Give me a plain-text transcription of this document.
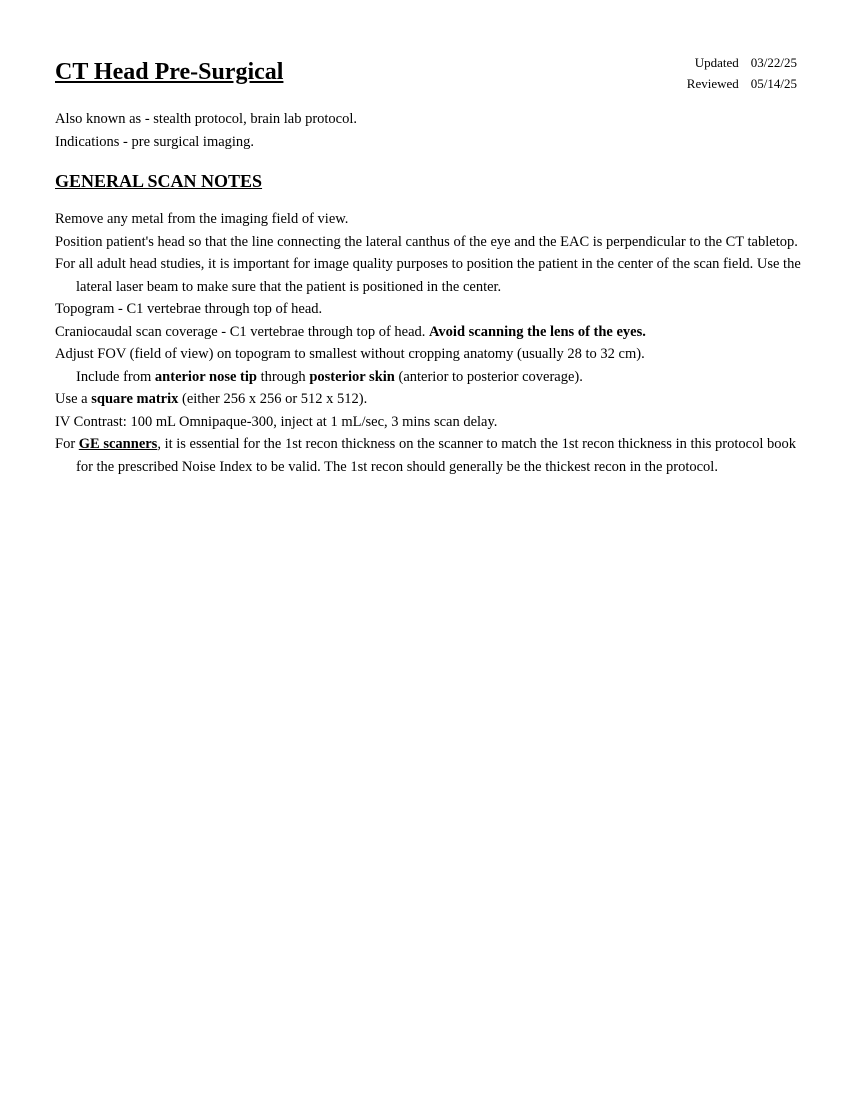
CT Head Pre-Surgical	Updated 03/22/25
Reviewed 05/14/25

Also known as - stealth protocol, brain lab protocol.

Indications - pre surgical imaging.

GENERAL SCAN NOTES

Remove any metal from the imaging field of view.

Position patient's head so that the line connecting the lateral canthus of the eye and the EAC is perpendicular to the CT tabletop.

For all adult head studies, it is important for image quality purposes to position the patient in the center of the scan field. Use the lateral laser beam to make sure that the patient is positioned in the center.

Topogram - C1 vertebrae through top of head.

Craniocaudal scan coverage - C1 vertebrae through top of head. Avoid scanning the lens of the eyes.

Adjust FOV (field of view) on topogram to smallest without cropping anatomy (usually 28 to 32 cm).
Include from anterior nose tip through posterior skin (anterior to posterior coverage).

Use a square matrix (either 256 x 256 or 512 x 512).

IV Contrast: 100 mL Omnipaque-300, inject at 1 mL/sec, 3 mins scan delay.

For GE scanners, it is essential for the 1st recon thickness on the scanner to match the 1st recon thickness in this protocol book for the prescribed Noise Index to be valid. The 1st recon should generally be the thickest recon in the protocol.
